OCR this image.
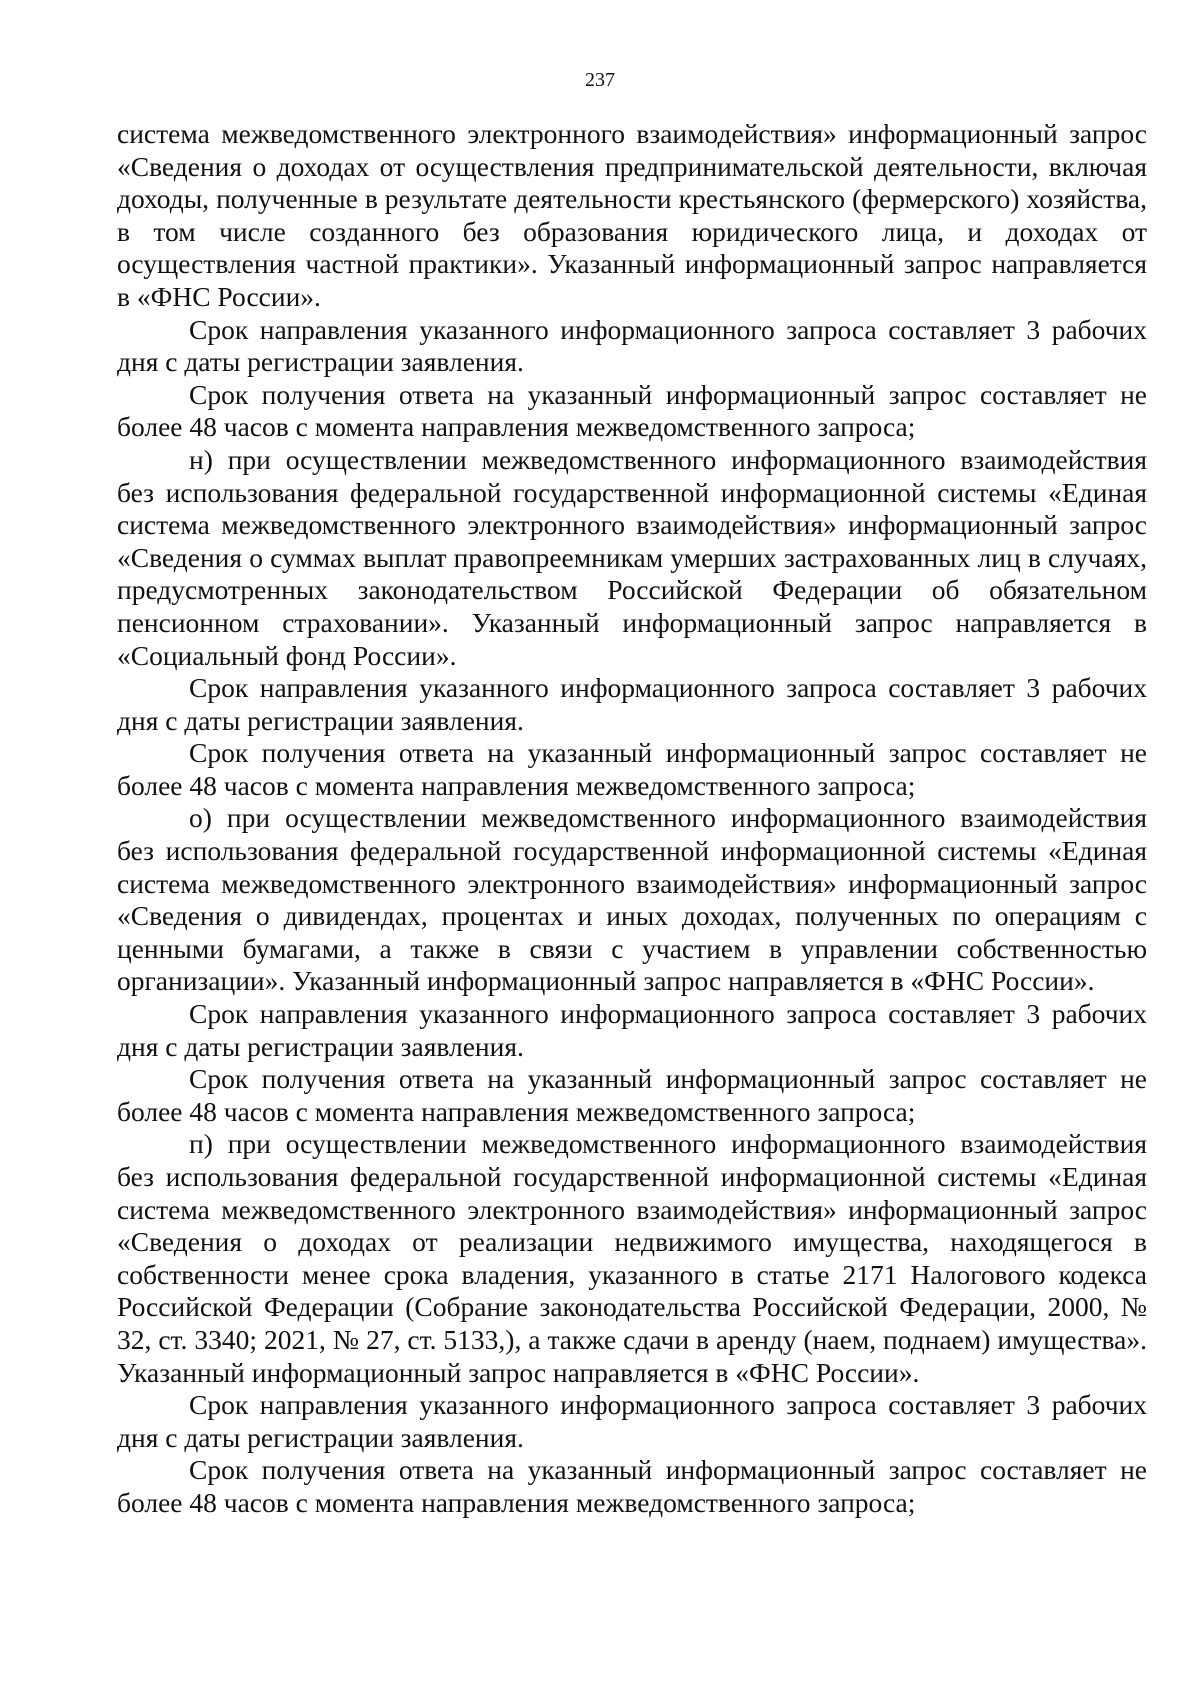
237

система межведомственного электронного взаимодействия» информационный запрос «Сведения о доходах от осуществления предпринимательской деятельности, включая доходы, полученные в результате деятельности крестьянского (фермерского) хозяйства, в том числе созданного без образования юридического лица, и доходах от осуществления частной практики». Указанный информационный запрос направляется в «ФНС России».

Срок направления указанного информационного запроса составляет 3 рабочих дня с даты регистрации заявления.

Срок получения ответа на указанный информационный запрос составляет не более 48 часов с момента направления межведомственного запроса;

н) при осуществлении межведомственного информационного взаимодействия без использования федеральной государственной информационной системы «Единая система межведомственного электронного взаимодействия» информационный запрос «Сведения о суммах выплат правопреемникам умерших застрахованных лиц в случаях, предусмотренных законодательством Российской Федерации об обязательном пенсионном страховании». Указанный информационный запрос направляется в «Социальный фонд России».

Срок направления указанного информационного запроса составляет 3 рабочих дня с даты регистрации заявления.

Срок получения ответа на указанный информационный запрос составляет не более 48 часов с момента направления межведомственного запроса;

о) при осуществлении межведомственного информационного взаимодействия без использования федеральной государственной информационной системы «Единая система межведомственного электронного взаимодействия» информационный запрос «Сведения о дивидендах, процентах и иных доходах, полученных по операциям с ценными бумагами, а также в связи с участием в управлении собственностью организации». Указанный информационный запрос направляется в «ФНС России».

Срок направления указанного информационного запроса составляет 3 рабочих дня с даты регистрации заявления.

Срок получения ответа на указанный информационный запрос составляет не более 48 часов с момента направления межведомственного запроса;

п) при осуществлении межведомственного информационного взаимодействия без использования федеральной государственной информационной системы «Единая система межведомственного электронного взаимодействия» информационный запрос «Сведения о доходах от реализации недвижимого имущества, находящегося в собственности менее срока владения, указанного в статье 2171 Налогового кодекса Российской Федерации (Собрание законодательства Российской Федерации, 2000, № 32, ст. 3340; 2021, № 27, ст. 5133,), а также сдачи в аренду (наем, поднаем) имущества». Указанный информационный запрос направляется в «ФНС России».

Срок направления указанного информационного запроса составляет 3 рабочих дня с даты регистрации заявления.

Срок получения ответа на указанный информационный запрос составляет не более 48 часов с момента направления межведомственного запроса;
